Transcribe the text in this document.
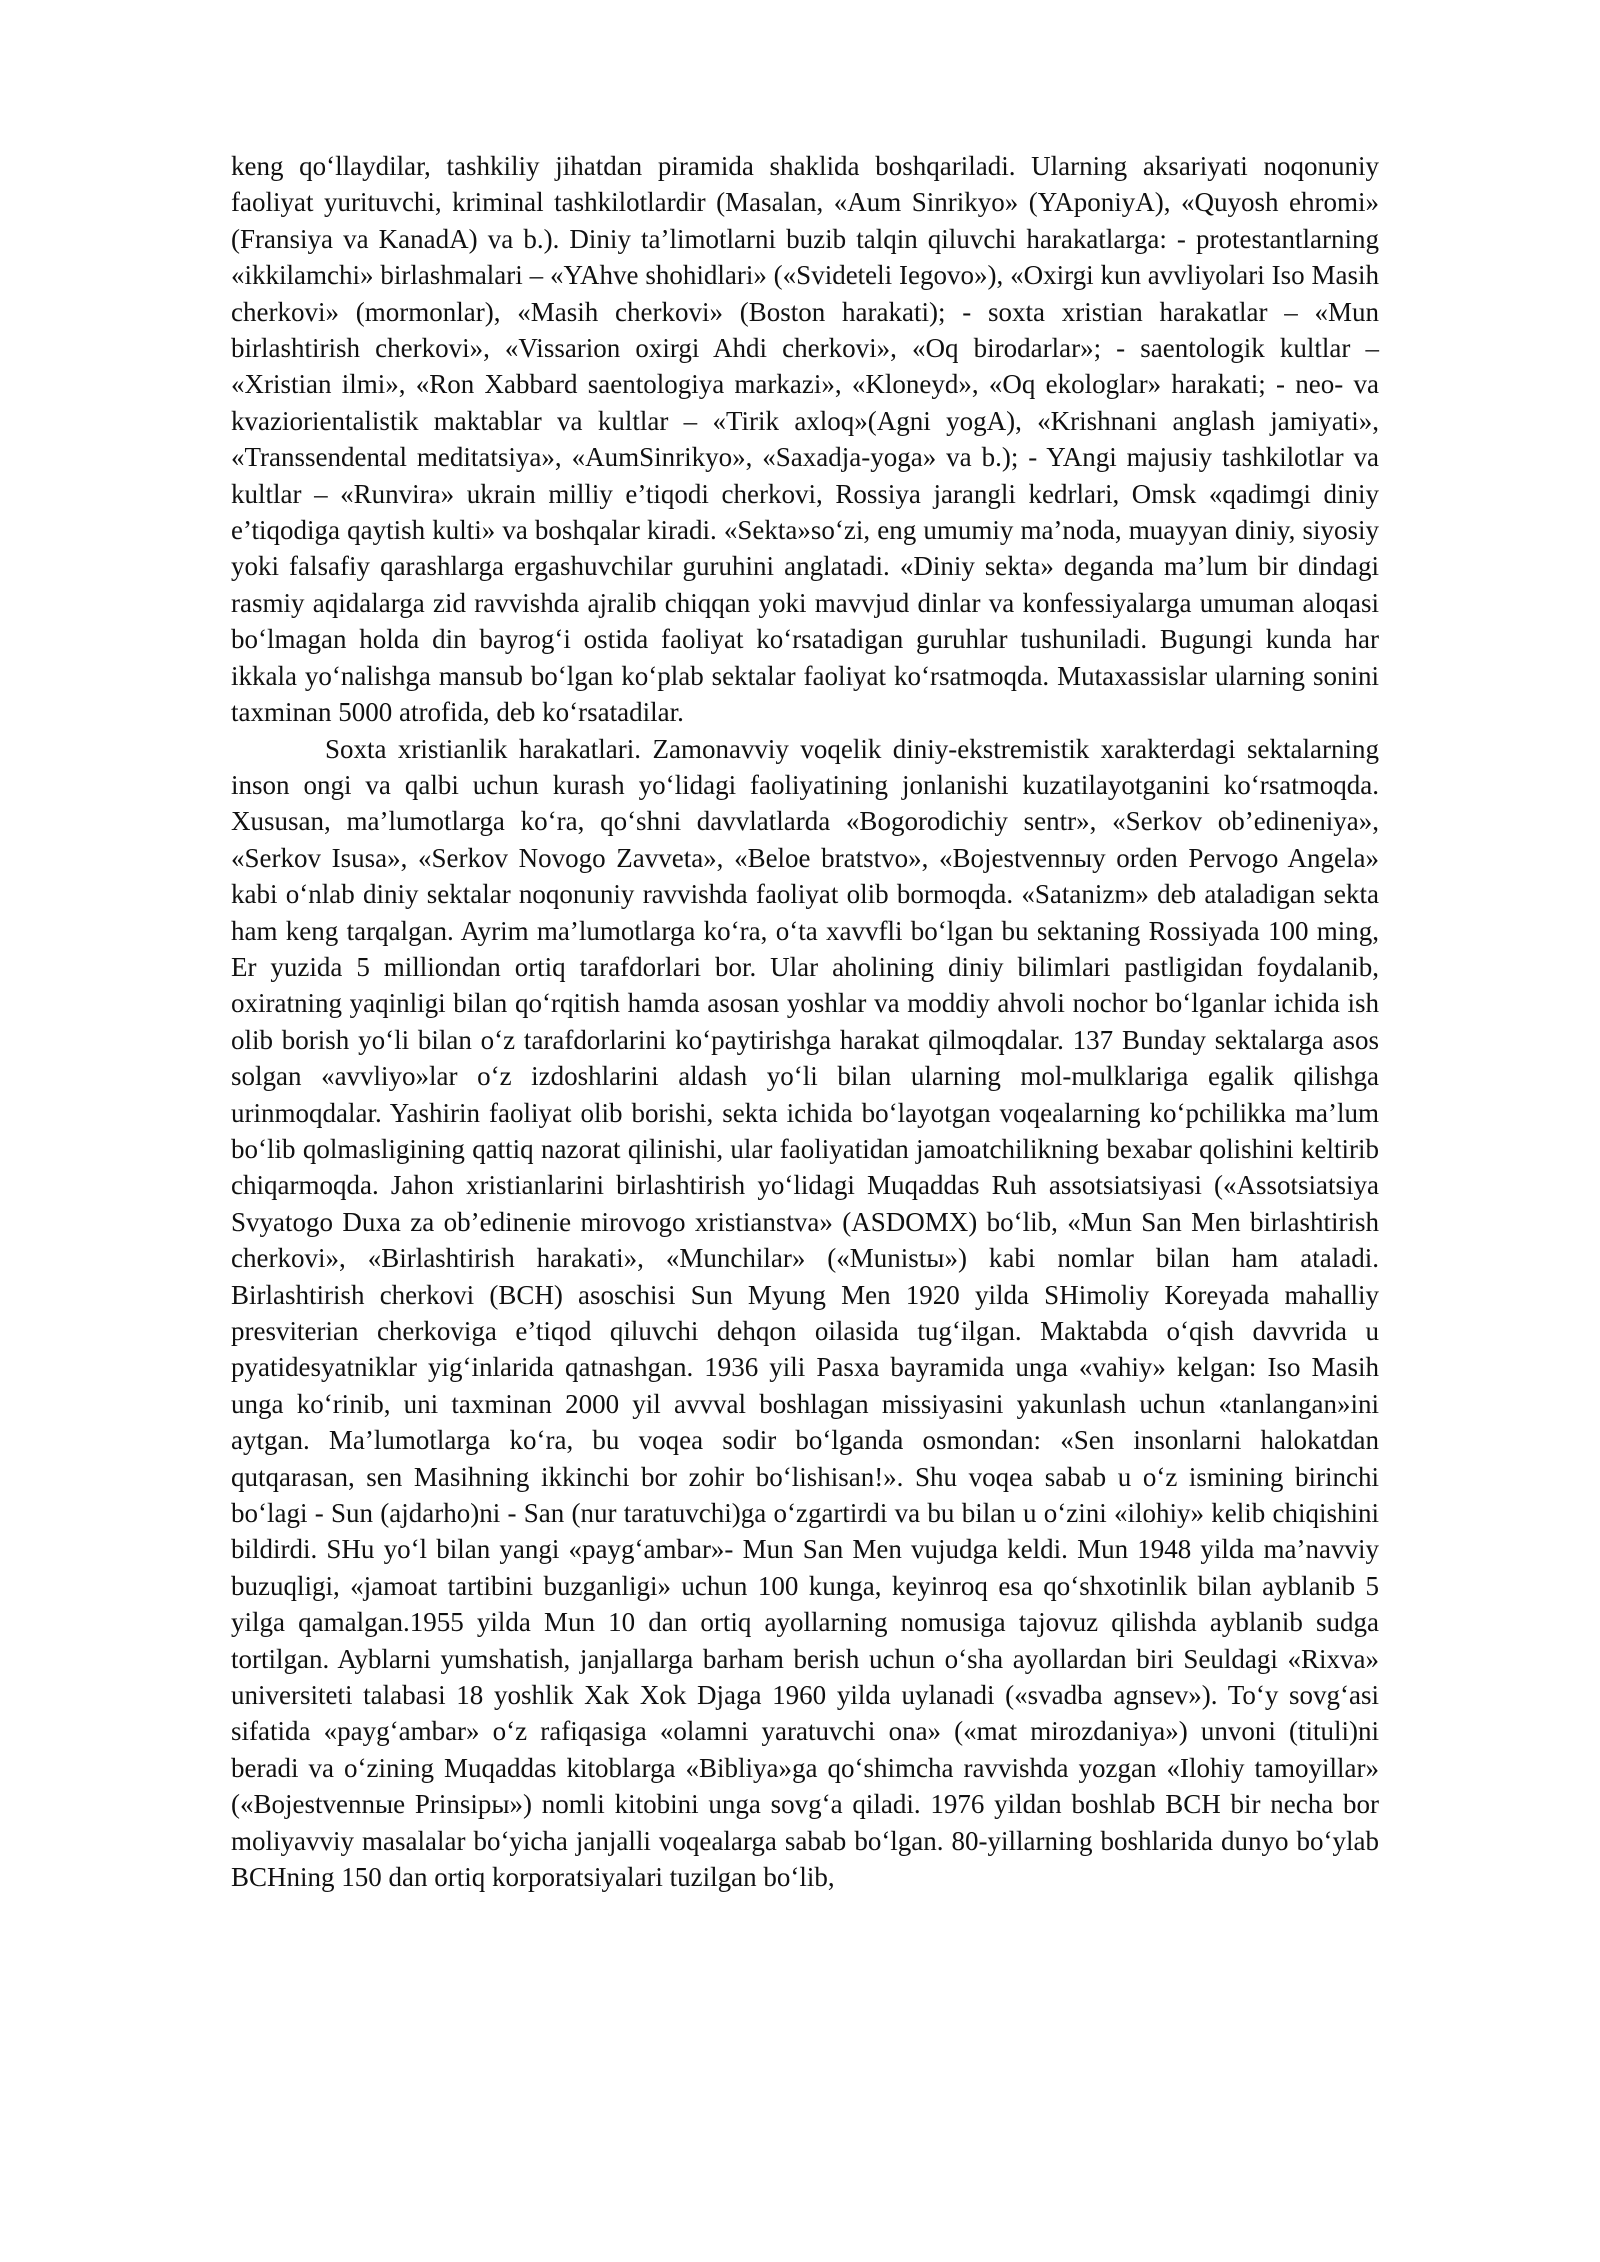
keng qo‘llaydilar, tashkiliy jihatdan piramida shaklida boshqariladi. Ularning aksariyati noqonuniy faoliyat yurituvchi, kriminal tashkilotlardir (Masalan, «Aum Sinrikyo» (YAponiyA), «Quyosh ehromi» (Fransiya va KanadA) va b.). Diniy ta’limotlarni buzib talqin qiluvchi harakatlarga: - protestantlarning «ikkilamchi» birlashmalari – «YAhve shohidlari» («Svideteli Iegovo»), «Oxirgi kun avvliyolari Iso Masih cherkovi» (mormonlar), «Masih cherkovi» (Boston harakati); - soxta xristian harakatlar – «Mun birlashtirish cherkovi», «Vissarion oxirgi Ahdi cherkovi», «Oq birodarlar»; - saentologik kultlar – «Xristian ilmi», «Ron Xabbard saentologiya markazi», «Kloneyd», «Oq ekologlar» harakati; - neo- va kvaziorientalistik maktablar va kultlar – «Tirik axloq»(Agni yogA), «Krishnani anglash jamiyati», «Transsendental meditatsiya», «AumSinrikyo», «Saxadja-yoga» va b.); - YAngi majusiy tashkilotlar va kultlar – «Runvira» ukrain milliy e’tiqodi cherkovi, Rossiya jarangli kedrlari, Omsk «qadimgi diniy e’tiqodiga qaytish kulti» va boshqalar kiradi. «Sekta»so‘zi, eng umumiy ma’noda, muayyan diniy, siyosiy yoki falsafiy qarashlarga ergashuvchilar guruhini anglatadi. «Diniy sekta» deganda ma’lum bir dindagi rasmiy aqidalarga zid ravvishda ajralib chiqqan yoki mavvjud dinlar va konfessiyalarga umuman aloqasi bo‘lmagan holda din bayrog‘i ostida faoliyat ko‘rsatadigan guruhlar tushuniladi. Bugungi kunda har ikkala yo‘nalishga mansub bo‘lgan ko‘plab sektalar faoliyat ko‘rsatmoqda. Mutaxassislar ularning sonini taxminan 5000 atrofida, deb ko‘rsatadilar.

Soxta xristianlik harakatlari. Zamonavviy voqelik diniy-ekstremistik xarakterdagi sektalarning inson ongi va qalbi uchun kurash yo‘lidagi faoliyatining jonlanishi kuzatilayotganini ko‘rsatmoqda. Xususan, ma’lumotlarga ko‘ra, qo‘shni davvlatlarda «Bogorodichiy sentr», «Serkov ob’edineniya», «Serkov Isusa», «Serkov Novogo Zavveta», «Beloe bratstvo», «Bojestvennыy orden Pervogo Angela» kabi o‘nlab diniy sektalar noqonuniy ravvishda faoliyat olib bormoqda. «Satanizm» deb ataladigan sekta ham keng tarqalgan. Ayrim ma’lumotlarga ko‘ra, o‘ta xavvfli bo‘lgan bu sektaning Rossiyada 100 ming, Er yuzida 5 milliondan ortiq tarafdorlari bor. Ular aholining diniy bilimlari pastligidan foydalanib, oxiratning yaqinligi bilan qo‘rqitish hamda asosan yoshlar va moddiy ahvoli nochor bo‘lganlar ichida ish olib borish yo‘li bilan o‘z tarafdorlarini ko‘paytirishga harakat qilmoqdalar. 137 Bunday sektalarga asos solgan «avvliyo»lar o‘z izdoshlarini aldash yo‘li bilan ularning mol-mulklariga egalik qilishga urinmoqdalar. Yashirin faoliyat olib borishi, sekta ichida bo‘layotgan voqealarning ko‘pchilikka ma’lum bo‘lib qolmasligining qattiq nazorat qilinishi, ular faoliyatidan jamoatchilikning bexabar qolishini keltirib chiqarmoqda. Jahon xristianlarini birlashtirish yo‘lidagi Muqaddas Ruh assotsiatsiyasi («Assotsiatsiya Svyatogo Duxa za ob’edinenie mirovogo xristianstva» (ASDOMX) bo‘lib, «Mun San Men birlashtirish cherkovi», «Birlashtirish harakati», «Munchilar» («Munistы») kabi nomlar bilan ham ataladi. Birlashtirish cherkovi (BCH) asoschisi Sun Myung Men 1920 yilda SHimoliy Koreyada mahalliy presviterian cherkoviga e’tiqod qiluvchi dehqon oilasida tug‘ilgan. Maktabda o‘qish davvrida u pyatidesyatniklar yig‘inlarida qatnashgan. 1936 yili Pasxa bayramida unga «vahiy» kelgan: Iso Masih unga ko‘rinib, uni taxminan 2000 yil avvval boshlagan missiyasini yakunlash uchun «tanlangan»ini aytgan. Ma’lumotlarga ko‘ra, bu voqea sodir bo‘lganda osmondan: «Sen insonlarni halokatdan qutqarasan, sen Masihning ikkinchi bor zohir bo‘lishisan!». Shu voqea sabab u o‘z ismining birinchi bo‘lagi - Sun (ajdarho)ni - San (nur taratuvchi)ga o‘zgartirdi va bu bilan u o‘zini «ilohiy» kelib chiqishini bildirdi. SHu yo‘l bilan yangi «payg‘ambar»- Mun San Men vujudga keldi. Mun 1948 yilda ma’navviy buzuqligi, «jamoat tartibini buzganligi» uchun 100 kunga, keyinroq esa qo‘shxotinlik bilan ayblanib 5 yilga qamalgan.1955 yilda Mun 10 dan ortiq ayollarning nomusiga tajovuz qilishda ayblanib sudga tortilgan. Ayblarni yumshatish, janjallarga barham berish uchun o‘sha ayollardan biri Seuldagi «Rixva» universiteti talabasi 18 yoshlik Xak Xok Djaga 1960 yilda uylanadi («svadba agnsev»). To‘y sovg‘asi sifatida «payg‘ambar» o‘z rafiqasiga «olamni yaratuvchi ona» («mat mirozdaniya») unvoni (tituli)ni beradi va o‘zining Muqaddas kitoblarga «Bibliya»ga qo‘shimcha ravvishda yozgan «Ilohiy tamoyillar» («Bojestvennыe Prinsipы») nomli kitobini unga sovg‘a qiladi. 1976 yildan boshlab BCH bir necha bor moliyavviy masalalar bo‘yicha janjalli voqealarga sabab bo‘lgan. 80-yillarning boshlarida dunyo bo‘ylab BCHning 150 dan ortiq korporatsiyalari tuzilgan bo‘lib,
